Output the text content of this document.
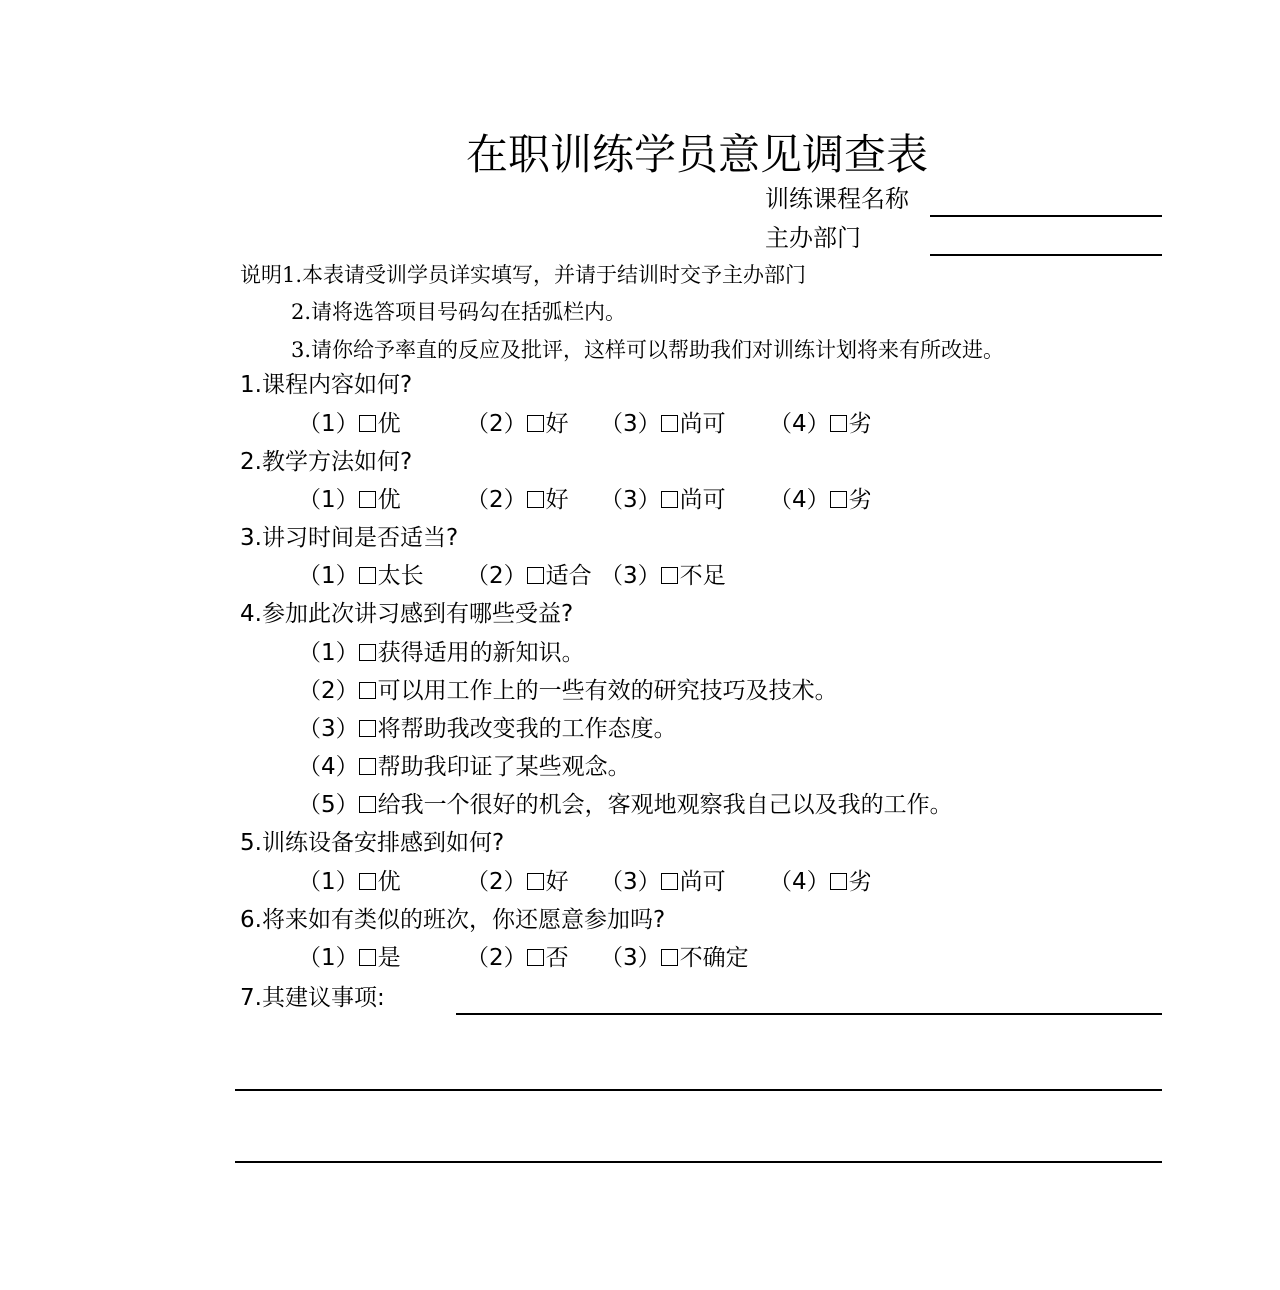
在职训练学员意见调查表
训练课程名称
主办部门
说明1.本表请受训学员详实填写，并请于结训时交予主办部门
2.请将选答项目号码勾在括弧栏内。
3.请你给予率直的反应及批评，这样可以帮助我们对训练计划将来有所改进。
1.课程内容如何?
（1） 优	（2） 好 （3） 尚可 （4） 劣
2.教学方法如何?
（1） 优	（2） 好 （3） 尚可 （4） 劣
3.讲习时间是否适当?
（1） 太长 （2） 适合 （3） 不足
4.参加此次讲习感到有哪些受益?
（1） 获得适用的新知识。
（2） 可以用工作上的一些有效的研究技巧及技术。
（3） 将帮助我改变我的工作态度。
（4） 帮助我印证了某些观念。
（5） 给我一个很好的机会，客观地观察我自己以及我的工作。
5.训练设备安排感到如何?
（1） 优	（2） 好 （3） 尚可 （4） 劣
6.将来如有类似的班次，你还愿意参加吗?
（1） 是	（2） 否 （3） 不确定
7.其建议事项:
